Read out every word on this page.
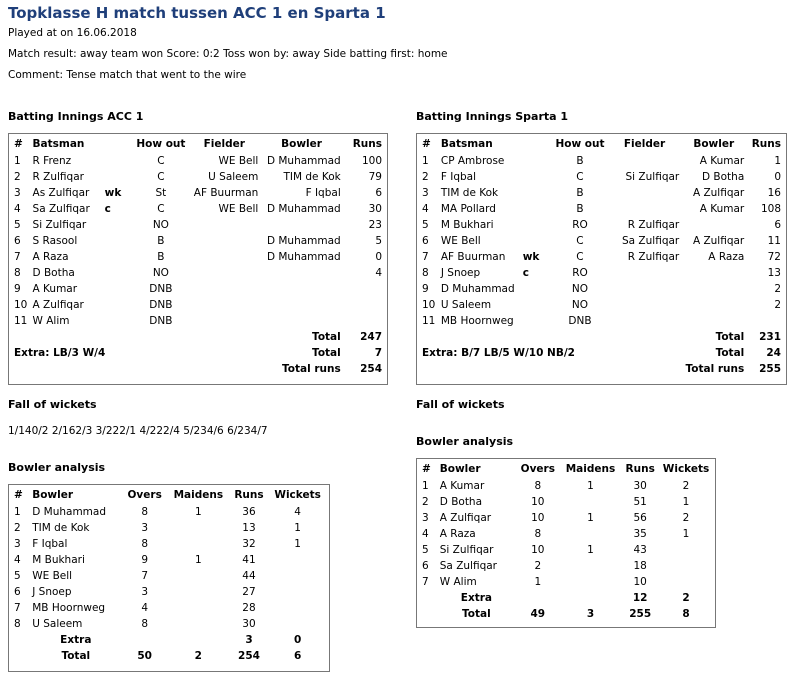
Topklasse H match tussen ACC 1 en Sparta 1
Played at on 16.06.2018
Match result: away team won Score: 0:2 Toss won by: away Side batting first: home
Comment: Tense match that went to the wire
Batting Innings ACC 1
#	Batsman		How out	Fielder	Bowler	Runs
1	R Frenz		C	WE Bell	D Muhammad	100
2	R Zulfiqar		C	U Saleem	TIM de Kok	79
3	As Zulfiqar	wk	St	AF Buurman	F Iqbal	6
4	Sa Zulfiqar	c	C	WE Bell	D Muhammad	30
5	Si Zulfiqar		NO			23
6	S Rasool		B		D Muhammad	5
7	A Raza		B		D Muhammad	0
8	D Botha		NO			4
9	A Kumar		DNB			
10	A Zulfiqar		DNB			
11	W Alim		DNB			
					Total	247
Extra: LB/3 W/4					Total	7
				Total runs		254
Batting Innings Sparta 1
#	Batsman		How out	Fielder	Bowler	Runs
1	CP Ambrose		B		A Kumar	1
2	F Iqbal		C	Si Zulfiqar	D Botha	0
3	TIM de Kok		B		A Zulfiqar	16
4	MA Pollard		B		A Kumar	108
5	M Bukhari		RO	R Zulfiqar		6
6	WE Bell		C	Sa Zulfiqar	A Zulfiqar	11
7	AF Buurman	wk	C	R Zulfiqar	A Raza	72
8	J Snoep	c	RO			13
9	D Muhammad		NO			2
10	U Saleem		NO			2
11	MB Hoornweg		DNB			
					Total	231
Extra: B/7 LB/5 W/10 NB/2					Total	24
				Total runs		255
Fall of wickets
1/140/2 2/162/3 3/222/1 4/222/4 5/234/6 6/234/7
Fall of wickets
Bowler analysis
#	Bowler	Overs	Maidens	Runs	Wickets
1	D Muhammad	8	1	36	4
2	TIM de Kok	3		13	1
3	F Iqbal	8		32	1
4	M Bukhari	9	1	41	
5	WE Bell	7		44	
6	J Snoep	3		27	
7	MB Hoornweg	4		28	
8	U Saleem	8		30	
	Extra			3	0
	Total	50	2	254	6
Bowler analysis
#	Bowler	Overs	Maidens	Runs	Wickets
1	A Kumar	8	1	30	2
2	D Botha	10		51	1
3	A Zulfiqar	10	1	56	2
4	A Raza	8		35	1
5	Si Zulfiqar	10	1	43	
6	Sa Zulfiqar	2		18	
7	W Alim	1		10	
	Extra			12	2
	Total	49	3	255	8
